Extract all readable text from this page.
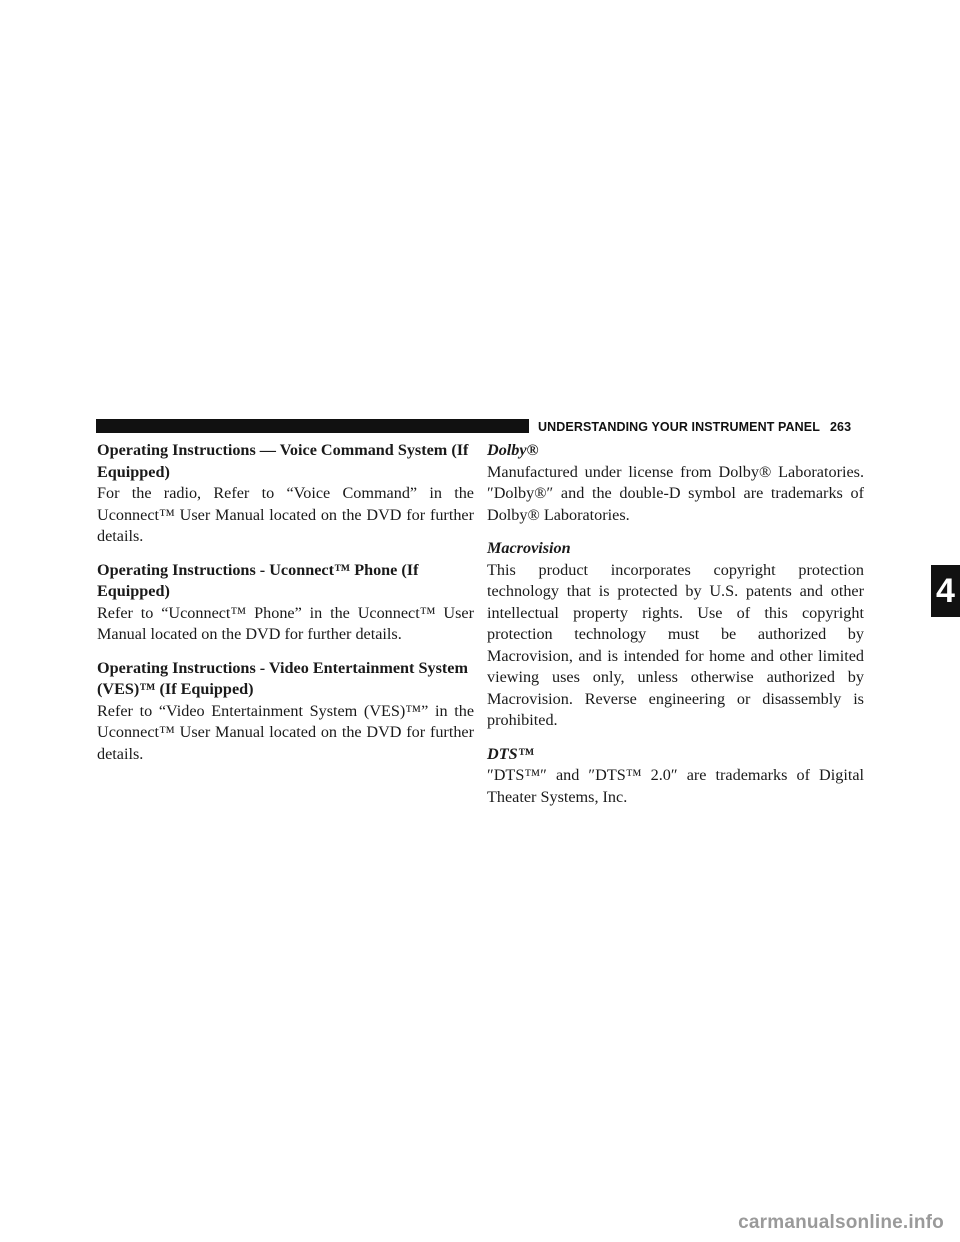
UNDERSTANDING YOUR INSTRUMENT PANEL 263

Operating Instructions — Voice Command System (If Equipped)

For the radio, Refer to “Voice Command” in the Uconnect™ User Manual located on the DVD for further details.

Operating Instructions - Uconnect™ Phone (If Equipped)

Refer to “Uconnect™ Phone” in the Uconnect™ User Manual located on the DVD for further details.

Operating Instructions - Video Entertainment System (VES)™ (If Equipped)

Refer to “Video Entertainment System (VES)™” in the Uconnect™ User Manual located on the DVD for further details.

Dolby®

Manufactured under license from Dolby® Laboratories. ″Dolby®″ and the double-D symbol are trademarks of Dolby® Laboratories.

Macrovision

This product incorporates copyright protection technology that is protected by U.S. patents and other intellectual property rights. Use of this copyright protection technology must be authorized by Macrovision, and is intended for home and other limited viewing uses only, unless otherwise authorized by Macrovision. Reverse engineering or disassembly is prohibited.

DTS™

″DTS™″ and ″DTS™ 2.0″ are trademarks of Digital Theater Systems, Inc.

4
carmanualsonline.info
